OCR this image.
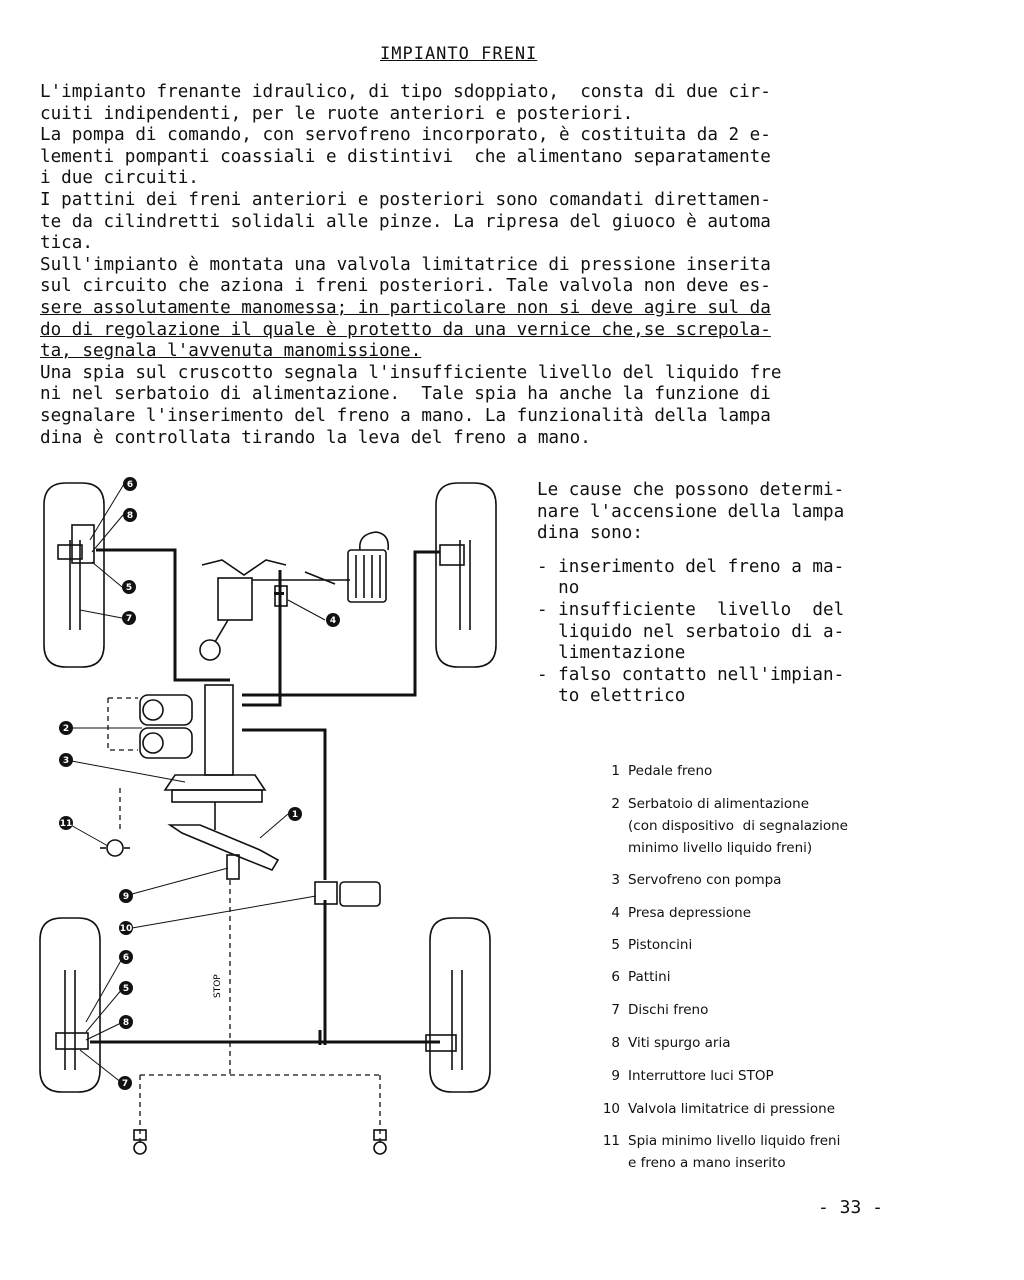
IMPIANTO FRENI
L'impianto frenante idraulico, di tipo sdoppiato,  consta di due cir-
cuiti indipendenti, per le ruote anteriori e posteriori.
La pompa di comando, con servofreno incorporato, è costituita da 2 e-
lementi pompanti coassiali e distintivi  che alimentano separatamente
i due circuiti.
I pattini dei freni anteriori e posteriori sono comandati direttamen-
te da cilindretti solidali alle pinze. La ripresa del giuoco è automa
tica.
Sull'impianto è montata una valvola limitatrice di pressione inserita
sul circuito che aziona i freni posteriori. Tale valvola non deve es-
sere assolutamente manomessa; in particolare non si deve agire sul da
do di regolazione il quale è protetto da una vernice che,se screpola-
ta, segnala l'avvenuta manomissione.
Una spia sul cruscotto segnala l'insufficiente livello del liquido fre
ni nel serbatoio di alimentazione.  Tale spia ha anche la funzione di
segnalare l'inserimento del freno a mano. La funzionalità della lampa
dina è controllata tirando la leva del freno a mano.
6
8
5
7	4
2
3
11
1
9
10
6
5
8
7
STOP
Le cause che possono determi-
nare l'accensione della lampa
dina sono:
- inserimento del freno a ma-
no
- insufficiente  livello  del
liquido nel serbatoio di a-
limentazione
- falso contatto nell'impian-
to elettrico
1 Pedale freno
2 Serbatoio di alimentazione
(con dispositivo  di segnalazione
minimo livello liquido freni)
3 Servofreno con pompa
4 Presa depressione
5 Pistoncini
6 Pattini
7 Dischi freno
8 Viti spurgo aria
9 Interruttore luci STOP
10 Valvola limitatrice di pressione
11 Spia minimo livello liquido freni
e freno a mano inserito
- 33 -
